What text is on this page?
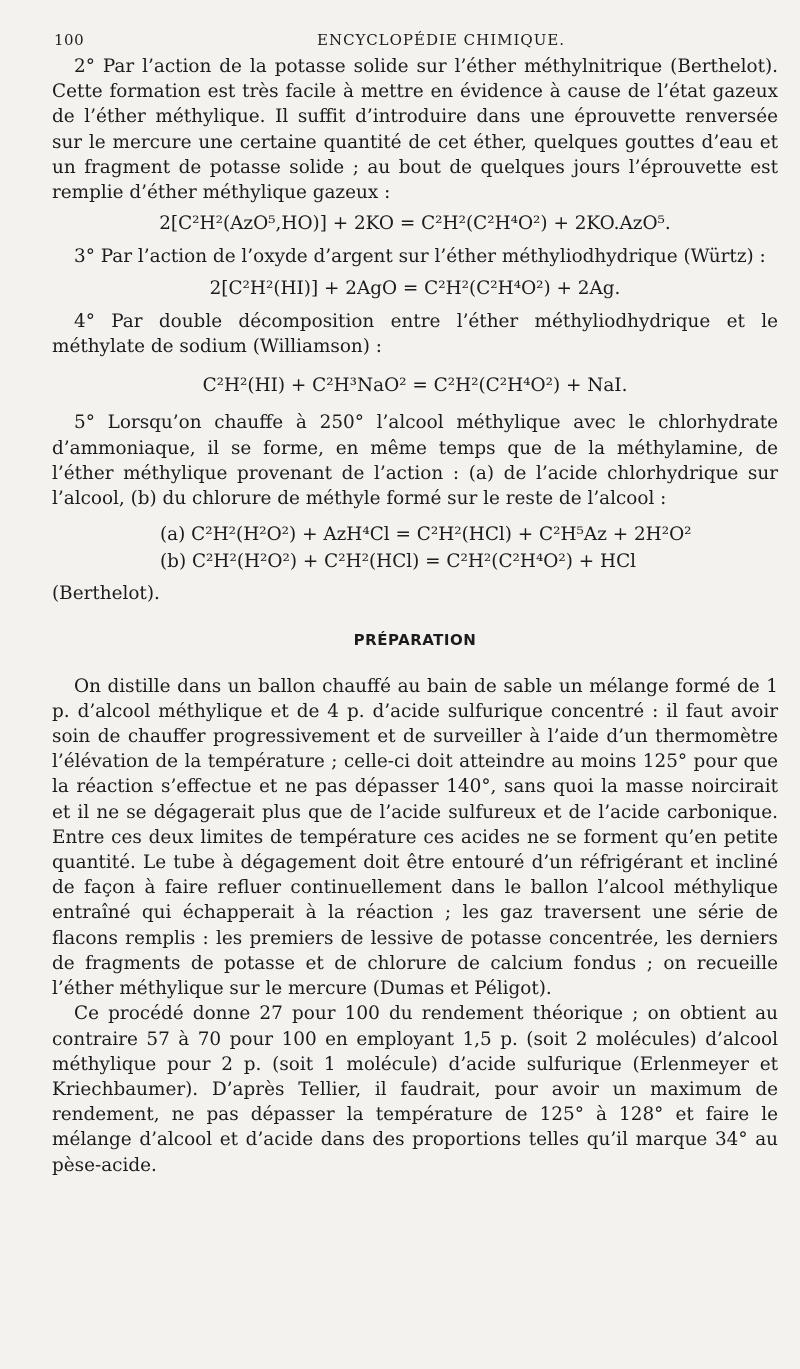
100	ENCYCLOPÉDIE CHIMIQUE.

2° Par l’action de la potasse solide sur l’éther méthylnitrique (Berthelot). Cette formation est très facile à mettre en évidence à cause de l’état gazeux de l’éther méthylique. Il suffit d’introduire dans une éprouvette renversée sur le mercure une certaine quantité de cet éther, quelques gouttes d’eau et un fragment de potasse solide ; au bout de quelques jours l’éprouvette est remplie d’éther méthylique gazeux :

2[C²H²(AzO⁵,HO)] + 2KO = C²H²(C²H⁴O²) + 2KO.AzO⁵.

3° Par l’action de l’oxyde d’argent sur l’éther méthyliodhydrique (Würtz) :

2[C²H²(HI)] + 2AgO = C²H²(C²H⁴O²) + 2Ag.

4° Par double décomposition entre l’éther méthyliodhydrique et le méthylate de sodium (Williamson) :

C²H²(HI) + C²H³NaO² = C²H²(C²H⁴O²) + NaI.

5° Lorsqu’on chauffe à 250° l’alcool méthylique avec le chlorhydrate d’ammoniaque, il se forme, en même temps que de la méthylamine, de l’éther méthylique provenant de l’action : (a) de l’acide chlorhydrique sur l’alcool, (b) du chlorure de méthyle formé sur le reste de l’alcool :

(a) C²H²(H²O²) + AzH⁴Cl = C²H²(HCl) + C²H⁵Az + 2H²O²
(b) C²H²(H²O²) + C²H²(HCl) = C²H²(C²H⁴O²) + HCl

(Berthelot).

PRÉPARATION

On distille dans un ballon chauffé au bain de sable un mélange formé de 1 p. d’alcool méthylique et de 4 p. d’acide sulfurique concentré : il faut avoir soin de chauffer progressivement et de surveiller à l’aide d’un thermomètre l’élévation de la température ; celle-ci doit atteindre au moins 125° pour que la réaction s’effectue et ne pas dépasser 140°, sans quoi la masse noircirait et il ne se dégagerait plus que de l’acide sulfureux et de l’acide carbonique. Entre ces deux limites de température ces acides ne se forment qu’en petite quantité. Le tube à dégagement doit être entouré d’un réfrigérant et incliné de façon à faire refluer continuellement dans le ballon l’alcool méthylique entraîné qui échapperait à la réaction ; les gaz traversent une série de flacons remplis : les premiers de lessive de potasse concentrée, les derniers de fragments de potasse et de chlorure de calcium fondus ; on recueille l’éther méthylique sur le mercure (Dumas et Péligot).

Ce procédé donne 27 pour 100 du rendement théorique ; on obtient au contraire 57 à 70 pour 100 en employant 1,5 p. (soit 2 molécules) d’alcool méthylique pour 2 p. (soit 1 molécule) d’acide sulfurique (Erlenmeyer et Kriechbaumer). D’après Tellier, il faudrait, pour avoir un maximum de rendement, ne pas dépasser la température de 125° à 128° et faire le mélange d’alcool et d’acide dans des proportions telles qu’il marque 34° au pèse-acide.
